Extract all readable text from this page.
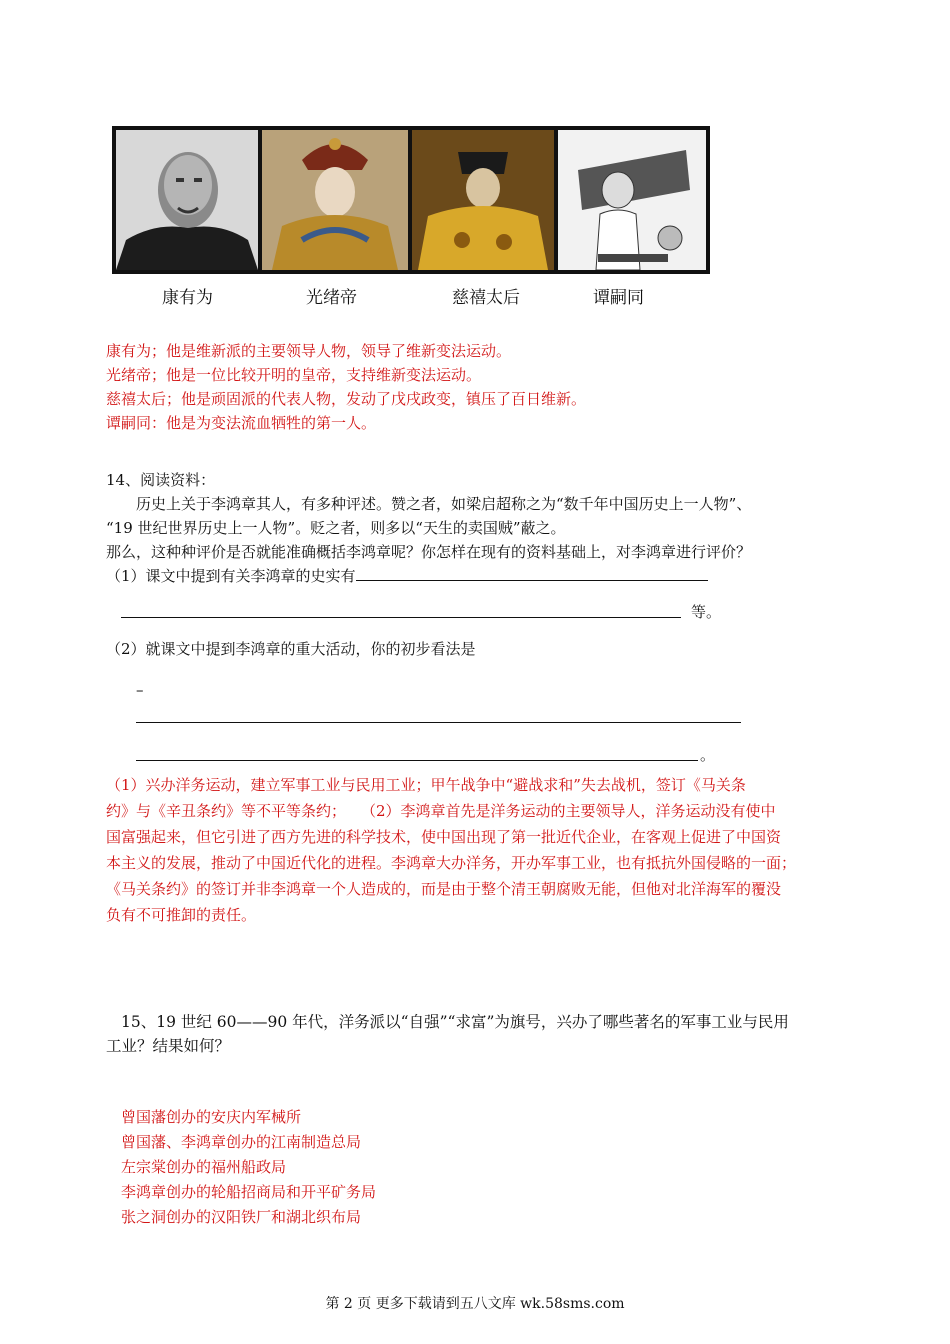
康有为	光绪帝	慈禧太后	谭嗣同
康有为；他是维新派的主要领导人物，领导了维新变法运动。
光绪帝；他是一位比较开明的皇帝，支持维新变法运动。
慈禧太后；他是顽固派的代表人物，发动了戊戌政变，镇压了百日维新。
谭嗣同：他是为变法流血牺牲的第一人。
14、阅读资料：
历史上关于李鸿章其人，有多种评述。赞之者，如梁启超称之为“数千年中国历史上一人物”、
“19 世纪世界历史上一人物”。贬之者，则多以“天生的卖国贼”蔽之。
那么，这种种评价是否就能准确概括李鸿章呢？你怎样在现有的资料基础上，对李鸿章进行评价？
（1）课文中提到有关李鸿章的史实有
等。
（2）就课文中提到李鸿章的重大活动，你的初步看法是
–
。
（1）兴办洋务运动，建立军事工业与民用工业；甲午战争中“避战求和”失去战机，签订《马关条
约》与《辛丑条约》等不平等条约；　　（2）李鸿章首先是洋务运动的主要领导人，洋务运动没有使中
国富强起来，但它引进了西方先进的科学技术，使中国出现了第一批近代企业，在客观上促进了中国资
本主义的发展，推动了中国近代化的进程。李鸿章大办洋务，开办军事工业，也有抵抗外国侵略的一面；
《马关条约》的签订并非李鸿章一个人造成的，而是由于整个清王朝腐败无能，但他对北洋海军的覆没
负有不可推卸的责任。
15、19 世纪 60——90 年代，洋务派以“自强”“求富”为旗号，兴办了哪些著名的军事工业与民用
工业？结果如何？
曾国藩创办的安庆内军械所
曾国藩、李鸿章创办的江南制造总局
左宗棠创办的福州船政局
李鸿章创办的轮船招商局和开平矿务局
张之洞创办的汉阳铁厂和湖北织布局
第 2 页 更多下载请到五八文库 wk.58sms.com
